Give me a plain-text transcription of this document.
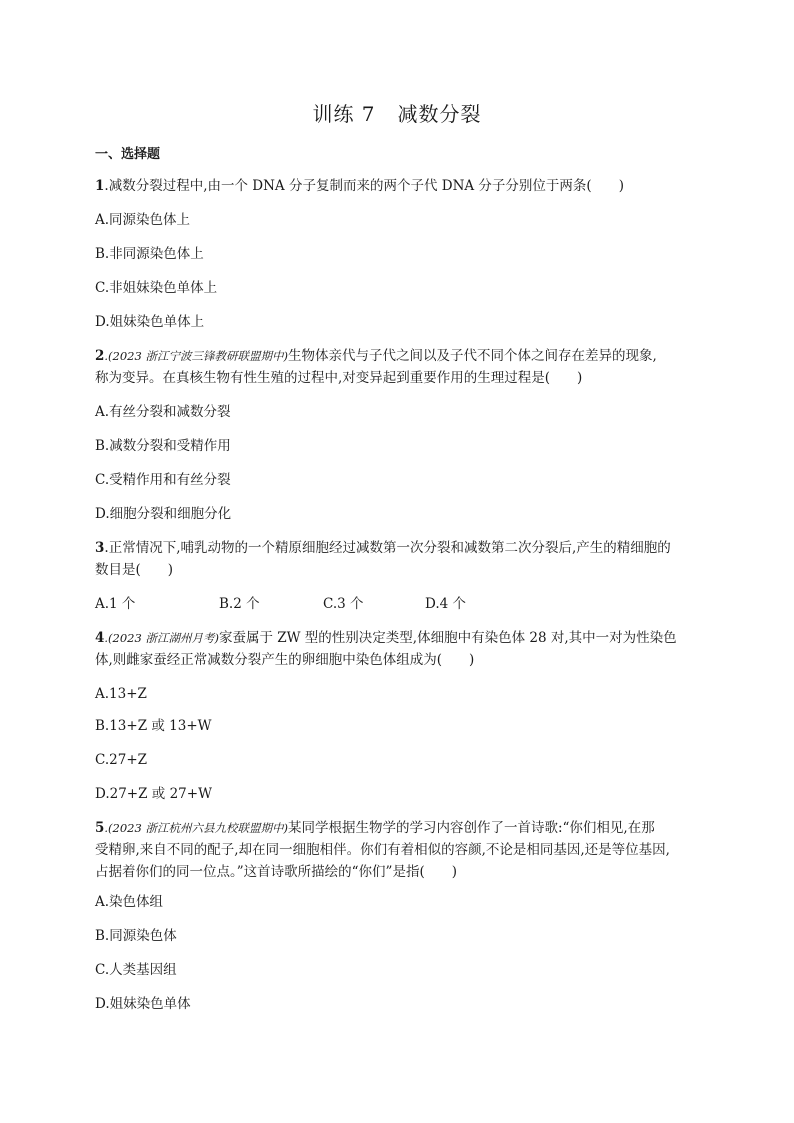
训练 7 减数分裂
一、选择题
1.减数分裂过程中,由一个 DNA 分子复制而来的两个子代 DNA 分子分别位于两条(　　)
A.同源染色体上
B.非同源染色体上
C.非姐妹染色单体上
D.姐妹染色单体上
2.(2023 浙江宁波三锋教研联盟期中)生物体亲代与子代之间以及子代不同个体之间存在差异的现象,
称为变异。在真核生物有性生殖的过程中,对变异起到重要作用的生理过程是(　　)
A.有丝分裂和减数分裂
B.减数分裂和受精作用
C.受精作用和有丝分裂
D.细胞分裂和细胞分化
3.正常情况下,哺乳动物的一个精原细胞经过减数第一次分裂和减数第二次分裂后,产生的精细胞的
数目是(　　)
A.1 个	B.2 个	C.3 个	D.4 个
4.(2023 浙江湖州月考)家蚕属于 ZW 型的性别决定类型,体细胞中有染色体 28 对,其中一对为性染色
体,则雌家蚕经正常减数分裂产生的卵细胞中染色体组成为(　　)
A.13+Z
B.13+Z 或 13+W
C.27+Z
D.27+Z 或 27+W
5.(2023 浙江杭州六县九校联盟期中)某同学根据生物学的学习内容创作了一首诗歌:“你们相见,在那
受精卵,来自不同的配子,却在同一细胞相伴。你们有着相似的容颜,不论是相同基因,还是等位基因,
占据着你们的同一位点。”这首诗歌所描绘的“你们”是指(　　)
A.染色体组
B.同源染色体
C.人类基因组
D.姐妹染色单体
